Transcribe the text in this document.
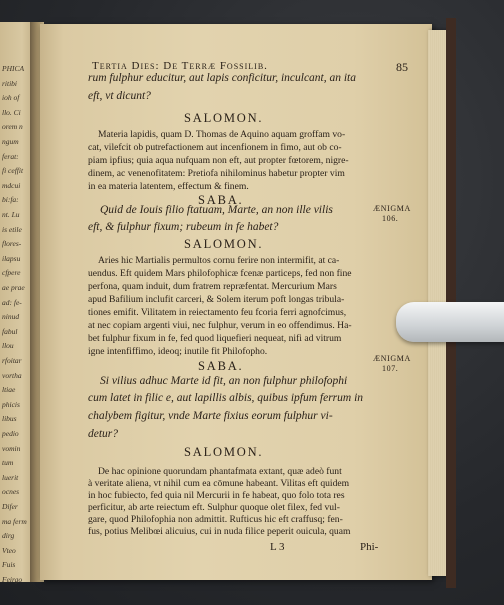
PHICA
ritibi
ioh of
llo. Ci
orem n
ngum
ferat:
fi ceffit
mdcui
bi:fa:
nt. Lu
is etile
flores-
ilapsu
cfpere
ae prae
ad: fe-
ninud
fabul
llou
rfoitar
vortha
ltiae
phicis
libus
pedio
vomin
tum
luerit
ocnes
Difer
ma ferm
dirg
Vteo
Fuis
Feirgo
Tertia Dies: De Terræ Fossilib.	85
rum fulphur educitur, aut lapis conficitur, inculcant, an ita
eft, vt dicunt?
SALOMON.
Materia lapidis, quam D. Thomas de Aquino aquam groffam vo-
cat, vilefcit ob putrefactionem aut incenfionem in fimo, aut ob co-
piam ipfius; quia aqua nufquam non eft, aut propter fœtorem, nigre-
dinem, ac venenofitatem: Pretiofa nihilominus habetur propter vim
in ea materia latentem, effectum & finem.
SABA.
Quid de Iouis filio ftatuam, Marte, an non ille vilis
eft, & fulphur fixum; rubeum in fe habet?
SALOMON.
Aries hic Martialis permultos cornu ferire non intermifit, at ca-
uendus. Eft quidem Mars philofophicæ fcenæ particeps, fed non fine
perfona, quam induit, dum fratrem repræfentat. Mercurium Mars
apud Bafilium inclufit carceri, & Solem iterum poft longas tribula-
tiones emifit. Vilitatem in reiectamento feu fcoria ferri agnofcimus,
at nec copiam argenti viui, nec fulphur, verum in eo offendimus. Ha-
bet fulphur fixum in fe, fed quod liquefieri nequeat, nifi ad vitrum
igne intenfiffimo, ideoq; inutile fit Philofopho.
SABA.
Si vilius adhuc Marte id fit, an non fulphur philofophi
cum latet in filic e, aut lapillis albis, quibus ipfum ferrum in
chalybem figitur, vnde Marte fixius eorum fulphur vi-
detur?
SALOMON.
De hac opinione quorundam phantafmata extant, quæ adeò funt
à veritate aliena, vt nihil cum ea cōmune habeant. Vilitas eft quidem
in hoc fubiecto, fed quia nil Mercurii in fe habeat, quo folo tota res
perficitur, ab arte reiectum eft. Sulphur quoque olet filex, fed vul-
gare, quod Philofophia non admittit. Rufticus hic eft craffusq; fen-
fus, potius Melibœi alicuius, cui in nuda filice peperit ouicula, quam
ÆNIGMA
106.
ÆNIGMA
107.
L 3	Phi-
